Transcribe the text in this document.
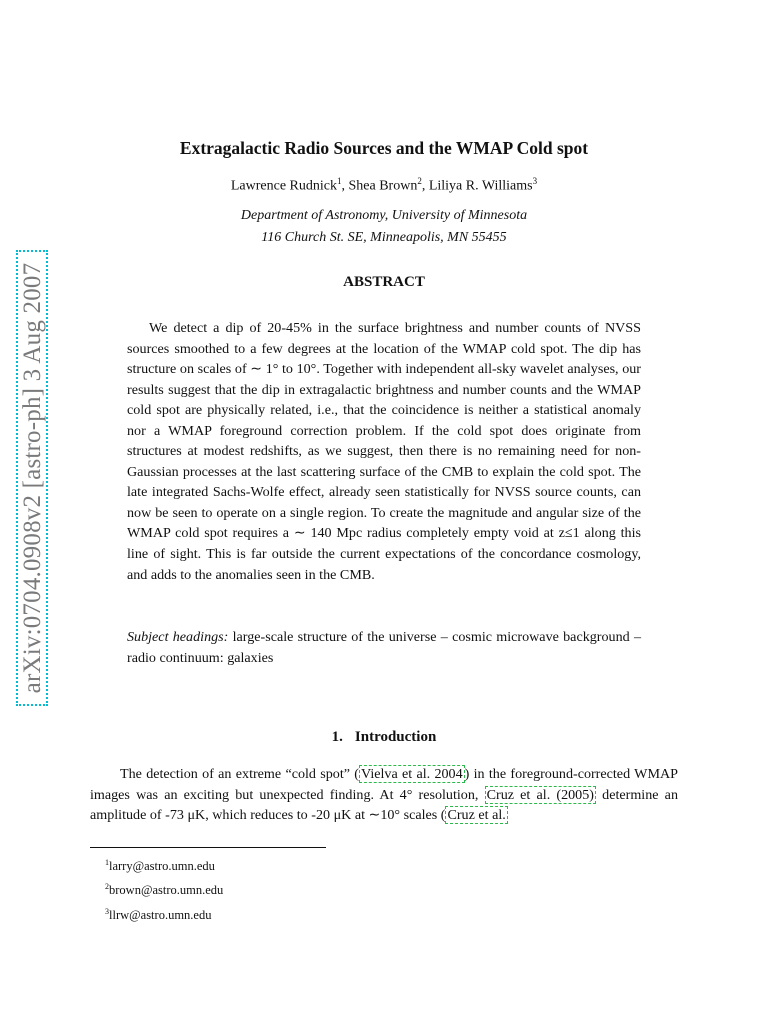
arXiv:0704.0908v2 [astro-ph] 3 Aug 2007
Extragalactic Radio Sources and the WMAP Cold spot
Lawrence Rudnick$^1$, Shea Brown$^2$, Liliya R. Williams$^3$
Department of Astronomy, University of Minnesota
116 Church St. SE, Minneapolis, MN 55455
ABSTRACT

We detect a dip of 20-45% in the surface brightness and number counts of NVSS sources smoothed to a few degrees at the location of the WMAP cold spot. The dip has structure on scales of ∼ 1° to 10°. Together with independent all-sky wavelet analyses, our results suggest that the dip in extragalactic brightness and number counts and the WMAP cold spot are physically related, i.e., that the coincidence is neither a statistical anomaly nor a WMAP foreground correction problem. If the cold spot does originate from structures at modest redshifts, as we suggest, then there is no remaining need for non-Gaussian processes at the last scattering surface of the CMB to explain the cold spot. The late integrated Sachs-Wolfe effect, already seen statistically for NVSS source counts, can now be seen to operate on a single region. To create the magnitude and angular size of the WMAP cold spot requires a ∼ 140 Mpc radius completely empty void at z≤1 along this line of sight. This is far outside the current expectations of the concordance cosmology, and adds to the anomalies seen in the CMB.

Subject headings: large-scale structure of the universe – cosmic microwave background – radio continuum: galaxies

1. Introduction

The detection of an extreme “cold spot” ( Vielva et al. 2004 ) in the foreground-corrected WMAP images was an exciting but unexpected finding. At 4° resolution, Cruz et al. (2005) determine an amplitude of -73 μK, which reduces to -20 μK at ∼10° scales ( Cruz et al.

$^1$larry@astro.umn.edu
$^2$brown@astro.umn.edu
$^3$llrw@astro.umn.edu
